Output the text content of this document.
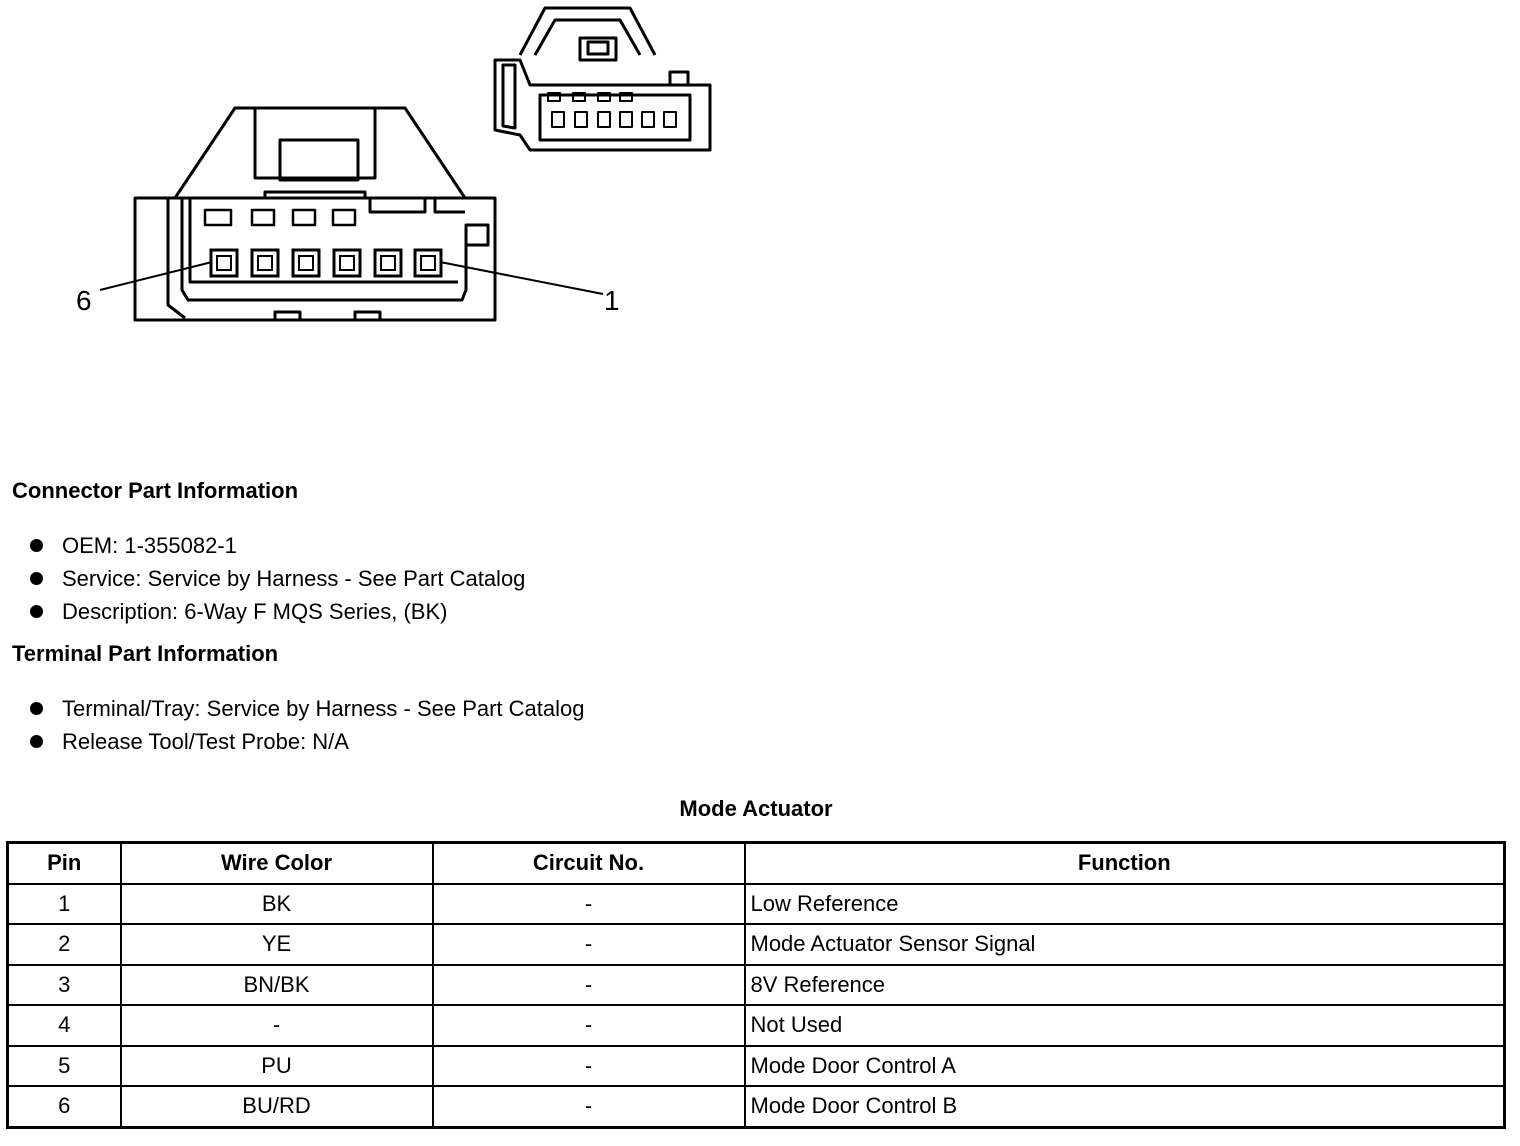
6	1
Connector Part Information
OEM: 1-355082-1
Service: Service by Harness - See Part Catalog
Description: 6-Way F MQS Series, (BK)
Terminal Part Information
Terminal/Tray: Service by Harness - See Part Catalog
Release Tool/Test Probe: N/A
Mode Actuator
Pin	Wire Color	Circuit No.	Function
1	BK	-	Low Reference
2	YE	-	Mode Actuator Sensor Signal
3	BN/BK	-	8V Reference
4	-	-	Not Used
5	PU	-	Mode Door Control A
6	BU/RD	-	Mode Door Control B
